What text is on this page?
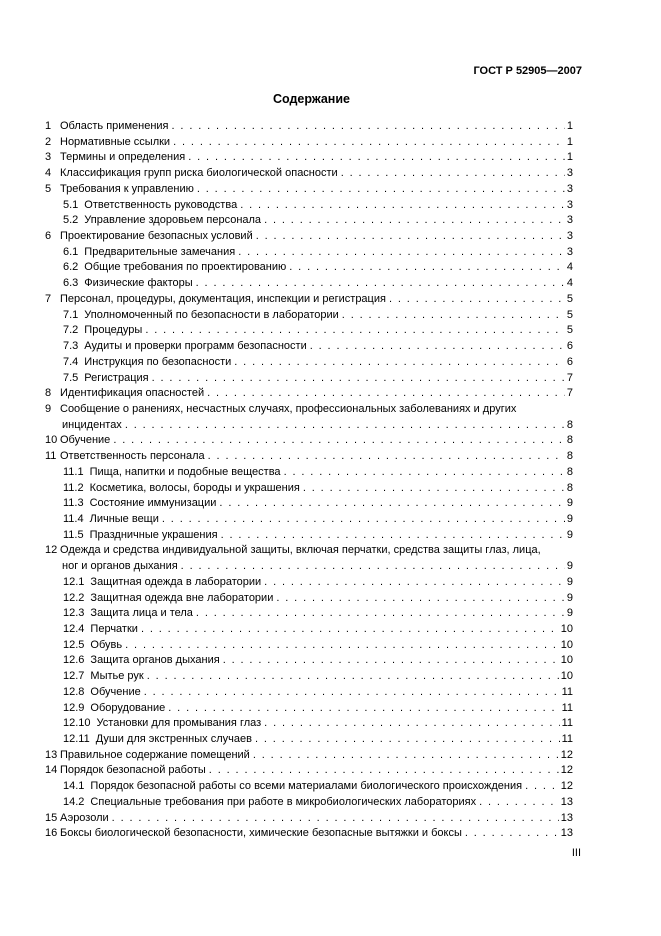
ГОСТ Р 52905—2007
Содержание
1 Область применения . . .	1
2 Нормативные ссылки . . .	1
3 Термины и определения . . .	1
4 Классификация групп риска биологической опасности . . .	3
5 Требования к управлению . . .	3
5.1 Ответственность руководства . . .	3
5.2 Управление здоровьем персонала . . .	3
6 Проектирование безопасных условий . . .	3
6.1 Предварительные замечания . . .	3
6.2 Общие требования по проектированию . . .	4
6.3 Физические факторы . . .	4
7 Персонал, процедуры, документация, инспекции и регистрация . . .	5
7.1 Уполномоченный по безопасности в лаборатории . . .	5
7.2 Процедуры . . .	5
7.3 Аудиты и проверки программ безопасности . . .	6
7.4 Инструкция по безопасности . . .	6
7.5 Регистрация . . .	7
8 Идентификация опасностей . . .	7
9 Сообщение о ранениях, несчастных случаях, профессиональных заболеваниях и других
инцидентах . . .	8
10 Обучение . . .	8
11 Ответственность персонала . . .	8
11.1 Пища, напитки и подобные вещества . . .	8
11.2 Косметика, волосы, бороды и украшения . . .	8
11.3 Состояние иммунизации . . .	9
11.4 Личные вещи . . .	9
11.5 Праздничные украшения . . .	9
12 Одежда и средства индивидуальной защиты, включая перчатки, средства защиты глаз, лица,
ног и органов дыхания . . .	9
12.1 Защитная одежда в лаборатории . . .	9
12.2 Защитная одежда вне лаборатории . . .	9
12.3 Защита лица и тела . . .	9
12.4 Перчатки . . .	10
12.5 Обувь . . .	10
12.6 Защита органов дыхания . . .	10
12.7 Мытье рук . . .	10
12.8 Обучение . . .	11
12.9 Оборудование . . .	11
12.10 Установки для промывания глаз . . .	11
12.11 Души для экстренных случаев . . .	11
13 Правильное содержание помещений . . .	12
14 Порядок безопасной работы . . .	12
14.1 Порядок безопасной работы со всеми материалами биологического происхождения . . .	12
14.2 Специальные требования при работе в микробиологических лабораториях . . .	13
15 Аэрозоли . . .	13
16 Боксы биологической безопасности, химические безопасные вытяжки и боксы . . .	13
III
